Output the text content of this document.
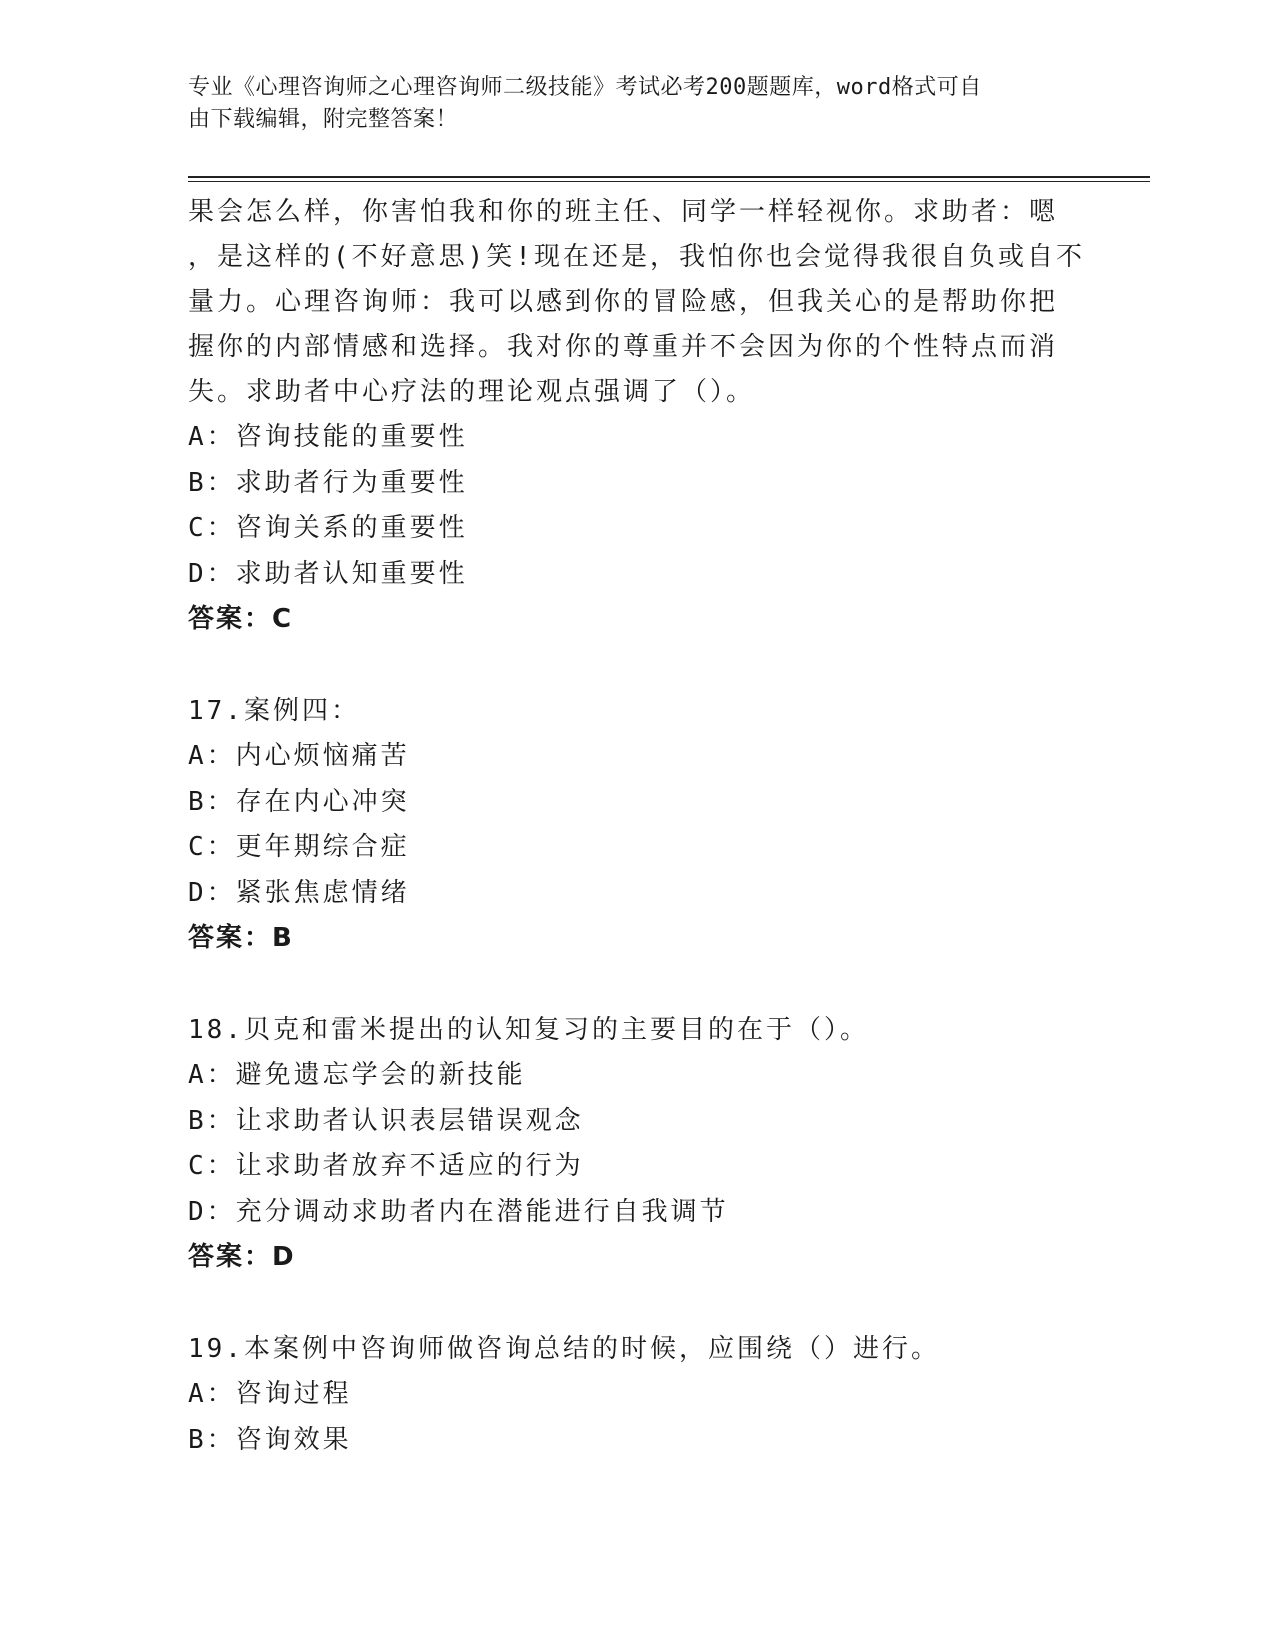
专业《心理咨询师之心理咨询师二级技能》考试必考200题题库，word格式可自
由下载编辑，附完整答案！

果会怎么样，你害怕我和你的班主任、同学一样轻视你。求助者：嗯
，是这样的(不好意思)笑!现在还是，我怕你也会觉得我很自负或自不
量力。心理咨询师：我可以感到你的冒险感，但我关心的是帮助你把
握你的内部情感和选择。我对你的尊重并不会因为你的个性特点而消
失。求助者中心疗法的理论观点强调了（）。

A：咨询技能的重要性

B：求助者行为重要性

C：咨询关系的重要性

D：求助者认知重要性

答案：C

17.案例四：

A：内心烦恼痛苦

B：存在内心冲突

C：更年期综合症

D：紧张焦虑情绪

答案：B

18.贝克和雷米提出的认知复习的主要目的在于（）。

A：避免遗忘学会的新技能

B：让求助者认识表层错误观念

C：让求助者放弃不适应的行为

D：充分调动求助者内在潜能进行自我调节

答案：D

19.本案例中咨询师做咨询总结的时候，应围绕（）进行。

A：咨询过程

B：咨询效果
